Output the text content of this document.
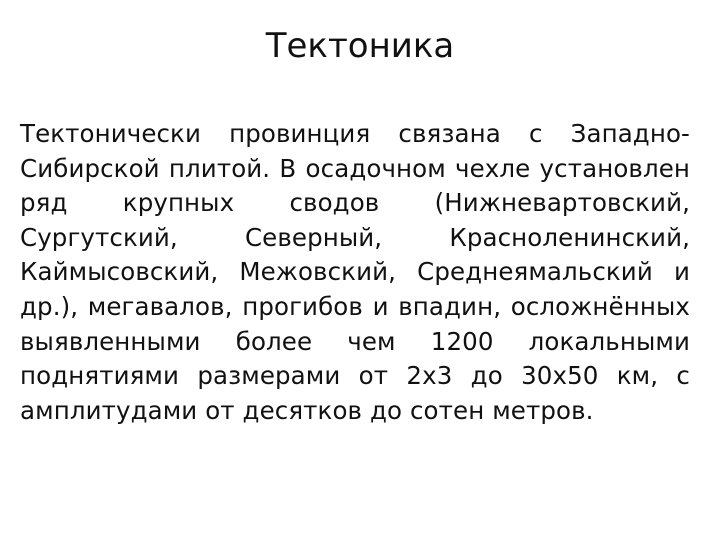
Тектоника

Тектонически провинция связана с Западно-Сибирской плитой. В осадочном чехле установлен ряд крупных сводов (Нижневартовский, Сургутский, Северный, Красноленинский, Каймысовский, Межовский, Среднеямальский и др.), мегавалов, прогибов и впадин, осложнённых выявленными более чем 1200 локальными поднятиями размерами от 2х3 до 30х50 км, с амплитудами от десятков до сотен метров.
